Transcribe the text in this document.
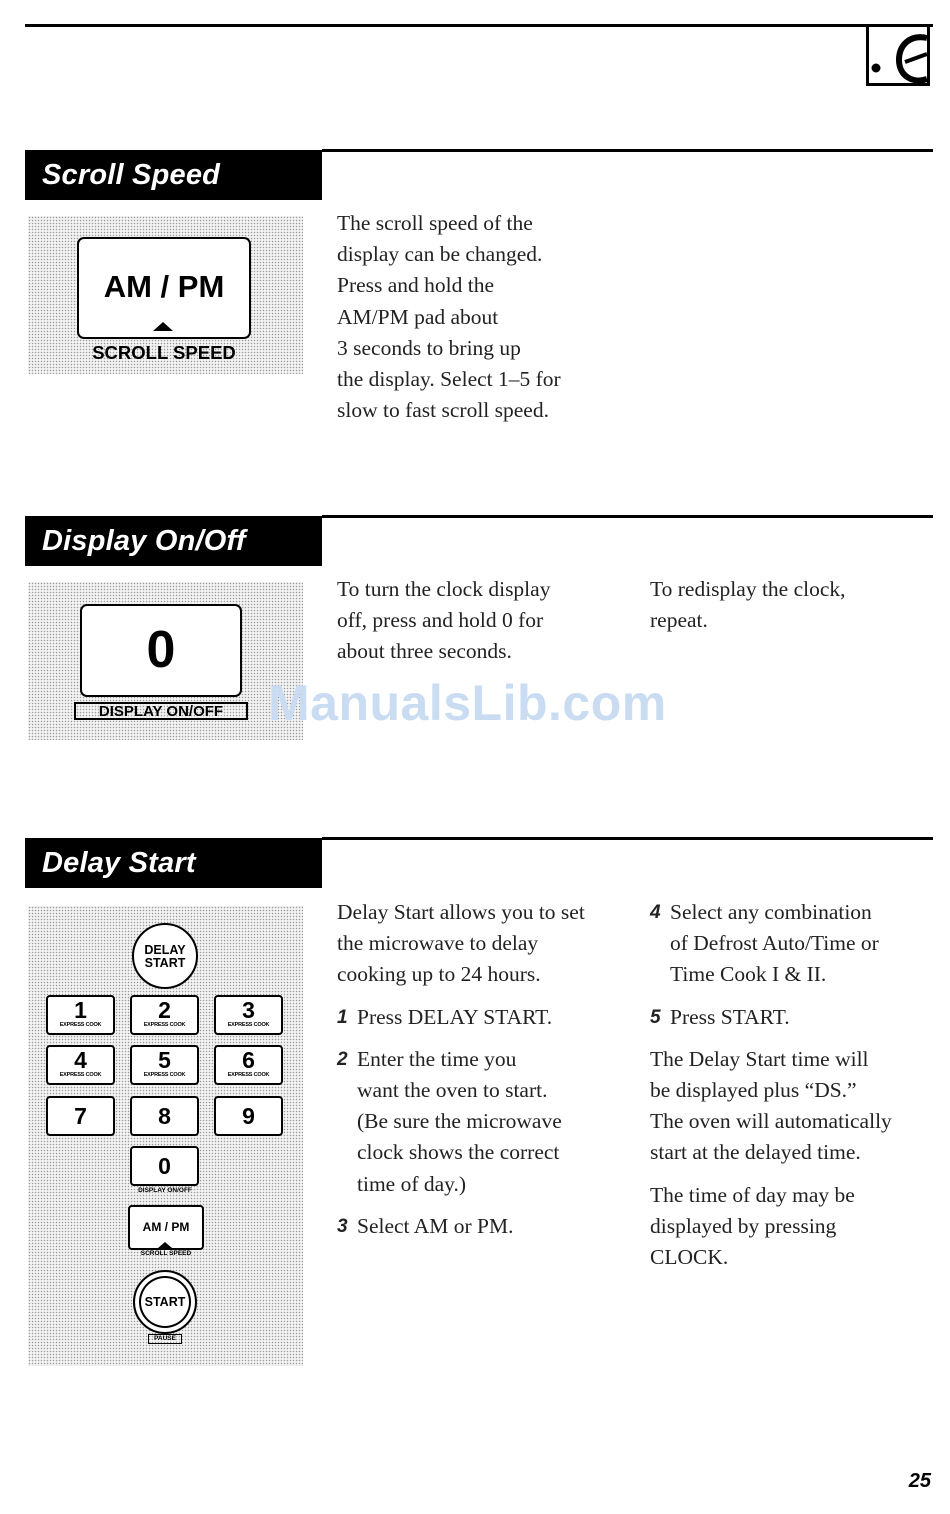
Scroll Speed
AM / PM
SCROLL SPEED

The scroll speed of the

display can be changed.

Press and hold the

AM/PM pad about

3 seconds to bring up

the display. Select 1–5 for

slow to fast scroll speed.

Display On/Off
0
DISPLAY ON/OFF

To turn the clock display

off, press and hold 0 for

about three seconds.

To redisplay the clock,

repeat.

ManualsLib.com
Delay Start
DELAY
START
1
EXPRESS COOK
2
EXPRESS COOK
3
EXPRESS COOK
4
EXPRESS COOK
5
EXPRESS COOK
6
EXPRESS COOK
7	8	9
0
DISPLAY ON/OFF
AM / PM
SCROLL SPEED
START
PAUSE

Delay Start allows you to set

the microwave to delay

cooking up to 24 hours.

1 Press DELAY START.

2 Enter the time you

want the oven to start.

(Be sure the microwave

clock shows the correct

time of day.)

3 Select AM or PM.

4 Select any combination

of Defrost Auto/Time or

Time Cook I & II.

5 Press START.

The Delay Start time will

be displayed plus “DS.”

The oven will automatically

start at the delayed time.

The time of day may be

displayed by pressing

CLOCK.

25
